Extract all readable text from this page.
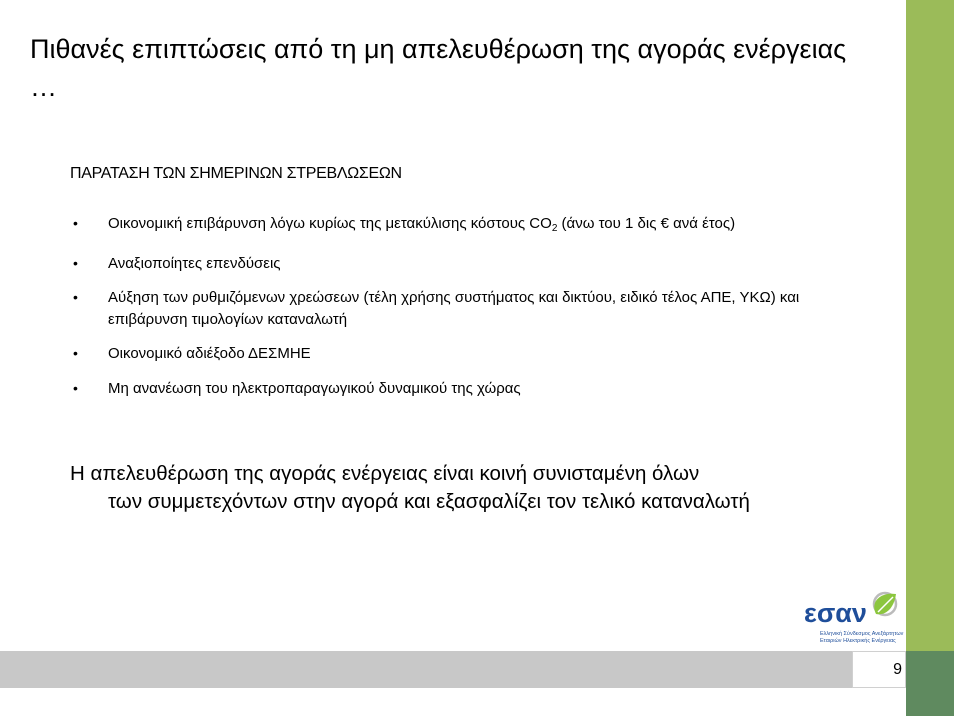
Πιθανές επιπτώσεις από τη μη απελευθέρωση της αγοράς ενέργειας …
ΠΑΡΑΤΑΣΗ ΤΩΝ ΣΗΜΕΡΙΝΩΝ ΣΤΡΕΒΛΩΣΕΩΝ
• Οικονομική επιβάρυνση λόγω κυρίως της μετακύλισης κόστους $CO_2$ (άνω του 1 δις € ανά έτος)
• Αναξιοποίητες επενδύσεις
• Αύξηση των ρυθμιζόμενων χρεώσεων (τέλη χρήσης συστήματος και δικτύου, ειδικό τέλος ΑΠΕ, ΥΚΩ) και επιβάρυνση τιμολογίων καταναλωτή
• Οικονομικό αδιέξοδο ΔΕΣΜΗΕ
• Μη ανανέωση του ηλεκτροπαραγωγικού δυναμικού της χώρας

Η απελευθέρωση της αγοράς ενέργειας είναι κοινή συνισταμένη όλων
των συμμετεχόντων στην αγορά και εξασφαλίζει τον τελικό καταναλωτή

εσαν
Ελληνική Σύνδεσμος Ανεξάρτητων
Εταιριών Ηλεκτρικής Ενέργειας
9
